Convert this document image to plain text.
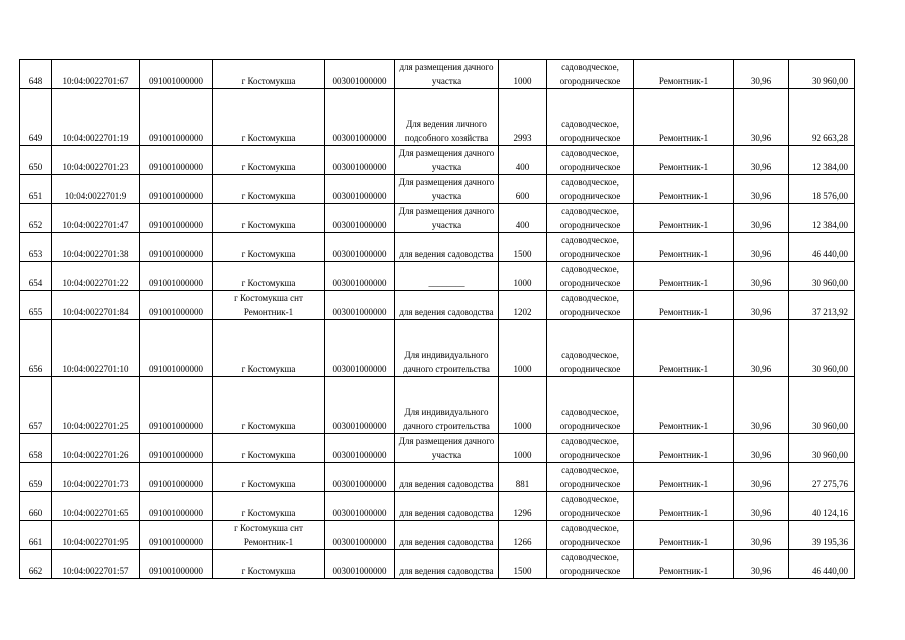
648	10:04:0022701:67	091001000000	г Костомукша	003001000000	для размещения дачного участка	1000	садоводческое, огородническое	Ремонтник-1	30,96	30 960,00
649	10:04:0022701:19	091001000000	г Костомукша	003001000000	Для ведения личного подсобного хозяйства	2993	садоводческое, огородническое	Ремонтник-1	30,96	92 663,28
650	10:04:0022701:23	091001000000	г Костомукша	003001000000	Для размещения дачного участка	400	садоводческое, огородническое	Ремонтник-1	30,96	12 384,00
651	10:04:0022701:9	091001000000	г Костомукша	003001000000	Для размещения дачного участка	600	садоводческое, огородническое	Ремонтник-1	30,96	18 576,00
652	10:04:0022701:47	091001000000	г Костомукша	003001000000	Для размещения дачного участка	400	садоводческое, огородническое	Ремонтник-1	30,96	12 384,00
653	10:04:0022701:38	091001000000	г Костомукша	003001000000	для ведения садоводства	1500	садоводческое, огородническое	Ремонтник-1	30,96	46 440,00
654	10:04:0022701:22	091001000000	г Костомукша	003001000000	________	1000	садоводческое, огородническое	Ремонтник-1	30,96	30 960,00
655	10:04:0022701:84	091001000000	г Костомукша снт Ремонтник-1	003001000000	для ведения садоводства	1202	садоводческое, огородническое	Ремонтник-1	30,96	37 213,92
656	10:04:0022701:10	091001000000	г Костомукша	003001000000	Для индивидуального дачного строительства	1000	садоводческое, огородническое	Ремонтник-1	30,96	30 960,00
657	10:04:0022701:25	091001000000	г Костомукша	003001000000	Для индивидуального дачного строительства	1000	садоводческое, огородническое	Ремонтник-1	30,96	30 960,00
658	10:04:0022701:26	091001000000	г Костомукша	003001000000	Для размещения дачного участка	1000	садоводческое, огородническое	Ремонтник-1	30,96	30 960,00
659	10:04:0022701:73	091001000000	г Костомукша	003001000000	для ведения садоводства	881	садоводческое, огородническое	Ремонтник-1	30,96	27 275,76
660	10:04:0022701:65	091001000000	г Костомукша	003001000000	для ведения садоводства	1296	садоводческое, огородническое	Ремонтник-1	30,96	40 124,16
661	10:04:0022701:95	091001000000	г Костомукша снт Ремонтник-1	003001000000	для ведения садоводства	1266	садоводческое, огородническое	Ремонтник-1	30,96	39 195,36
662	10:04:0022701:57	091001000000	г Костомукша	003001000000	для ведения садоводства	1500	садоводческое, огородническое	Ремонтник-1	30,96	46 440,00
